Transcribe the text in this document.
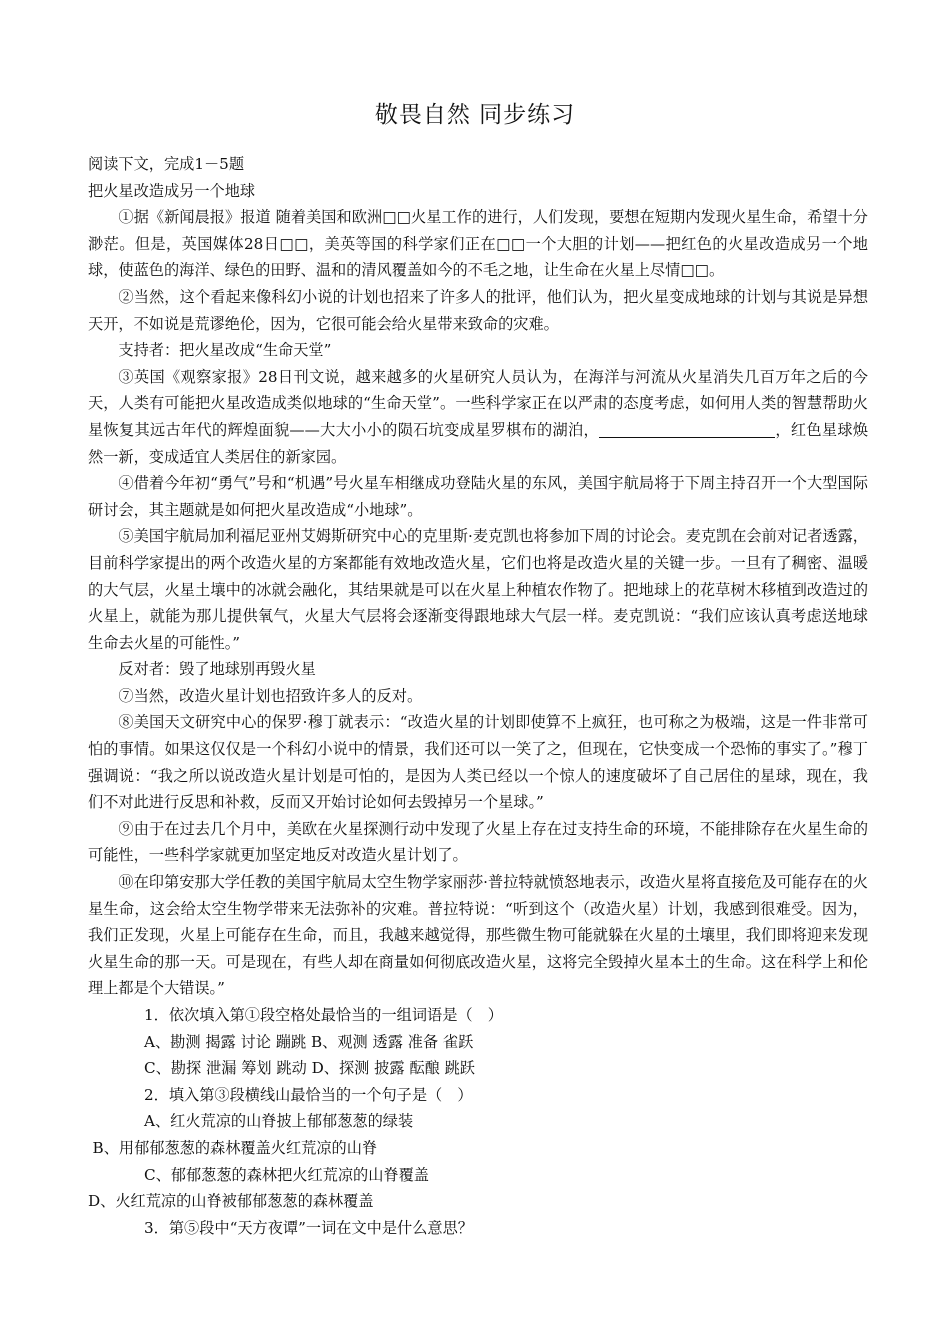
敬畏自然 同步练习

阅读下文，完成1－5题

把火星改造成另一个地球

①据《新闻晨报》报道 随着美国和欧洲□□火星工作的进行，人们发现，要想在短期内发现火星生命，希望十分渺茫。但是，英国媒体28日□□，美英等国的科学家们正在□□一个大胆的计划——把红色的火星改造成另一个地球，使蓝色的海洋、绿色的田野、温和的清风覆盖如今的不毛之地，让生命在火星上尽情□□。

②当然，这个看起来像科幻小说的计划也招来了许多人的批评，他们认为，把火星变成地球的计划与其说是异想天开，不如说是荒谬绝伦，因为，它很可能会给火星带来致命的灾难。

支持者：把火星改成“生命天堂”

③英国《观察家报》28日刊文说，越来越多的火星研究人员认为，在海洋与河流从火星消失几百万年之后的今天，人类有可能把火星改造成类似地球的“生命天堂”。一些科学家正在以严肃的态度考虑，如何用人类的智慧帮助火星恢复其远古年代的辉煌面貌——大大小小的陨石坑变成星罗棋布的湖泊，	，红色星球焕然一新，变成适宜人类居住的新家园。

④借着今年初“勇气”号和“机遇”号火星车相继成功登陆火星的东风，美国宇航局将于下周主持召开一个大型国际研讨会，其主题就是如何把火星改造成“小地球”。

⑤美国宇航局加利福尼亚州艾姆斯研究中心的克里斯·麦克凯也将参加下周的讨论会。麦克凯在会前对记者透露，目前科学家提出的两个改造火星的方案都能有效地改造火星，它们也将是改造火星的关键一步。一旦有了稠密、温暖的大气层，火星土壤中的冰就会融化，其结果就是可以在火星上种植农作物了。把地球上的花草树木移植到改造过的火星上，就能为那儿提供氧气，火星大气层将会逐渐变得跟地球大气层一样。麦克凯说：“我们应该认真考虑送地球生命去火星的可能性。”

反对者：毁了地球别再毁火星

⑦当然，改造火星计划也招致许多人的反对。

⑧美国天文研究中心的保罗·穆丁就表示：“改造火星的计划即使算不上疯狂，也可称之为极端，这是一件非常可怕的事情。如果这仅仅是一个科幻小说中的情景，我们还可以一笑了之，但现在，它快变成一个恐怖的事实了。”穆丁强调说：“我之所以说改造火星计划是可怕的，是因为人类已经以一个惊人的速度破坏了自己居住的星球，现在，我们不对此进行反思和补救，反而又开始讨论如何去毁掉另一个星球。”

⑨由于在过去几个月中，美欧在火星探测行动中发现了火星上存在过支持生命的环境，不能排除存在火星生命的可能性，一些科学家就更加坚定地反对改造火星计划了。

⑩在印第安那大学任教的美国宇航局太空生物学家丽莎·普拉特就愤怒地表示，改造火星将直接危及可能存在的火星生命，这会给太空生物学带来无法弥补的灾难。普拉特说：“听到这个（改造火星）计划，我感到很难受。因为，我们正发现，火星上可能存在生命，而且，我越来越觉得，那些微生物可能就躲在火星的土壤里，我们即将迎来发现火星生命的那一天。可是现在，有些人却在商量如何彻底改造火星，这将完全毁掉火星本土的生命。这在科学上和伦理上都是个大错误。”

1．依次填入第①段空格处最恰当的一组词语是（　）

A、勘测 揭露 讨论 蹦跳 B、观测 透露 准备 雀跃

C、勘探 泄漏 筹划 跳动 D、探测 披露 酝酿 跳跃

2．填入第③段横线山最恰当的一个句子是（　）

A、红火荒凉的山脊披上郁郁葱葱的绿装

B、用郁郁葱葱的森林覆盖火红荒凉的山脊

C、郁郁葱葱的森林把火红荒凉的山脊覆盖

D、火红荒凉的山脊被郁郁葱葱的森林覆盖

3．第⑤段中“天方夜谭”一词在文中是什么意思？
